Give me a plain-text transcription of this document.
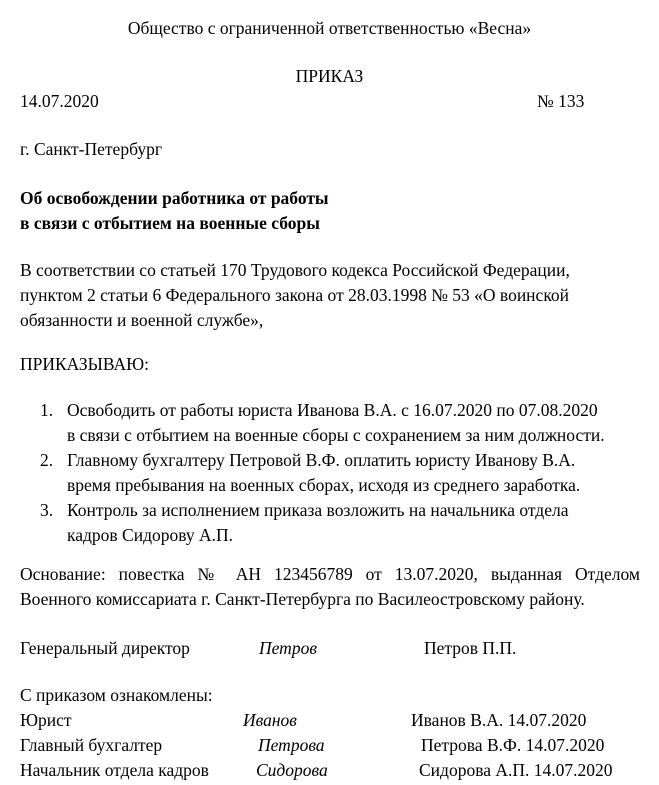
Общество с ограниченной ответственностью «Весна»
ПРИКАЗ
14.07.2020	№ 133
г. Санкт-Петербург
Об освобождении работника от работы
в связи с отбытием на военные сборы
В соответствии со статьей 170 Трудового кодекса Российской Федерации,
пунктом 2 статьи 6 Федерального закона от 28.03.1998 № 53 «О воинской
обязанности и военной службе»,
ПРИКАЗЫВАЮ:
1. Освободить от работы юриста Иванова В.А. с 16.07.2020 по 07.08.2020
в связи с отбытием на военные сборы с сохранением за ним должности.
2. Главному бухгалтеру Петровой В.Ф. оплатить юристу Иванову В.А.
время пребывания на военных сборах, исходя из среднего заработка.
3. Контроль за исполнением приказа возложить на начальника отдела
кадров Сидорову А.П.
Основание: повестка № АН 123456789 от 13.07.2020, выданная Отделом
Военного комиссариата г. Санкт-Петербурга по Василеостровскому району.
Генеральный директор	Петров	Петров П.П.
С приказом ознакомлены:
Юрист	Иванов	Иванов В.А. 14.07.2020
Главный бухгалтер	Петрова	Петрова В.Ф. 14.07.2020
Начальник отдела кадров	Сидорова	Сидорова А.П. 14.07.2020
